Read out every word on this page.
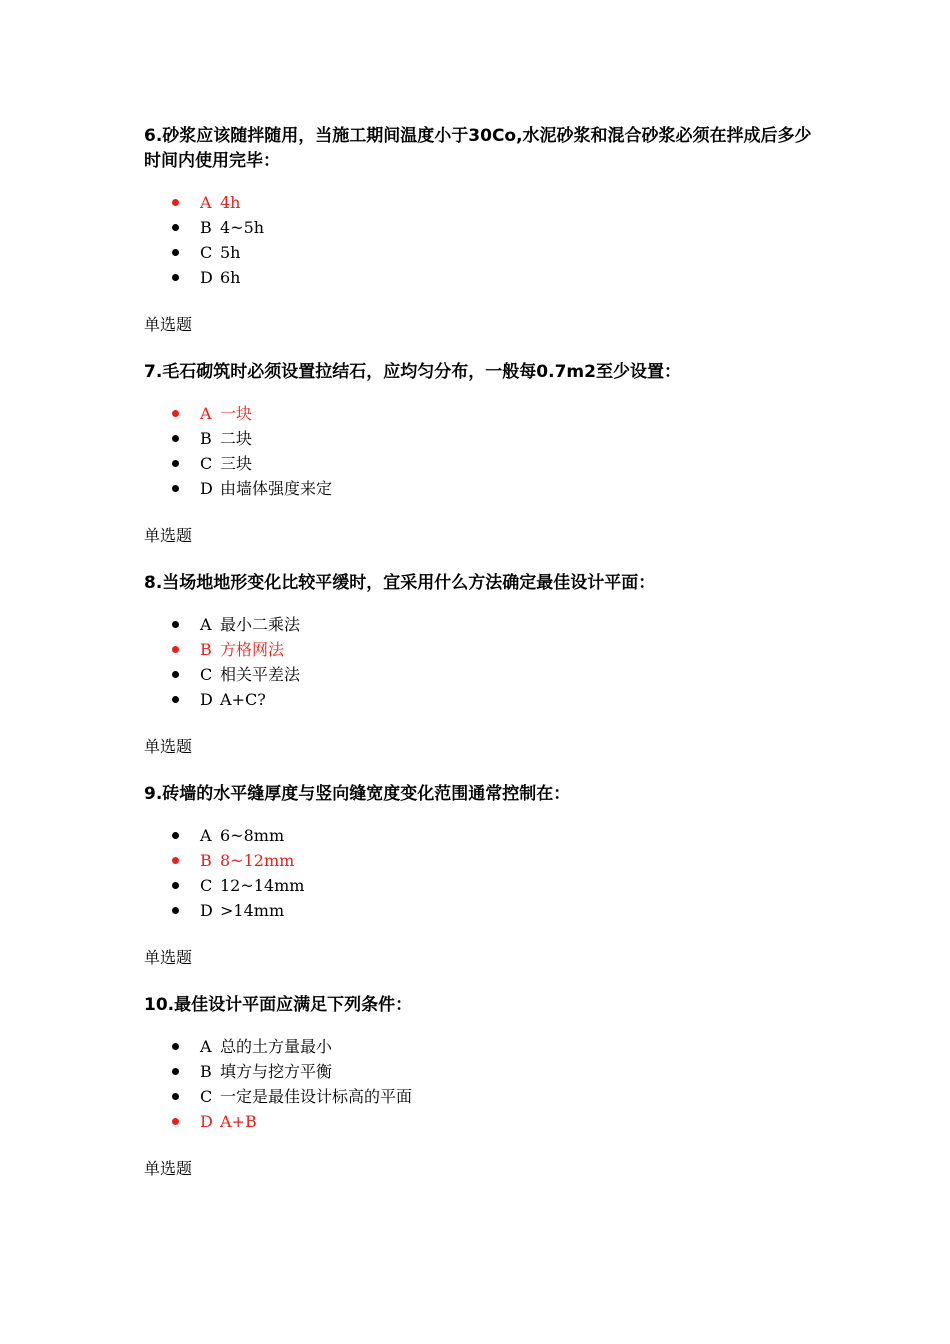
6.砂浆应该随拌随用，当施工期间温度小于30Co,水泥砂浆和混合砂浆必须在拌成后多少时间内使用完毕：

A 4h
B 4~5h
C 5h
D 6h
单选题

7.毛石砌筑时必须设置拉结石，应均匀分布，一般每0.7m2至少设置：

A 一块
B 二块
C 三块
D 由墙体强度来定
单选题

8.当场地地形变化比较平缓时，宜采用什么方法确定最佳设计平面：

A 最小二乘法
B 方格网法
C 相关平差法
D A+C?
单选题

9.砖墙的水平缝厚度与竖向缝宽度变化范围通常控制在：

A 6~8mm
B 8~12mm
C 12~14mm
D >14mm
单选题

10.最佳设计平面应满足下列条件：

A 总的土方量最小
B 填方与挖方平衡
C 一定是最佳设计标高的平面
D A+B
单选题
